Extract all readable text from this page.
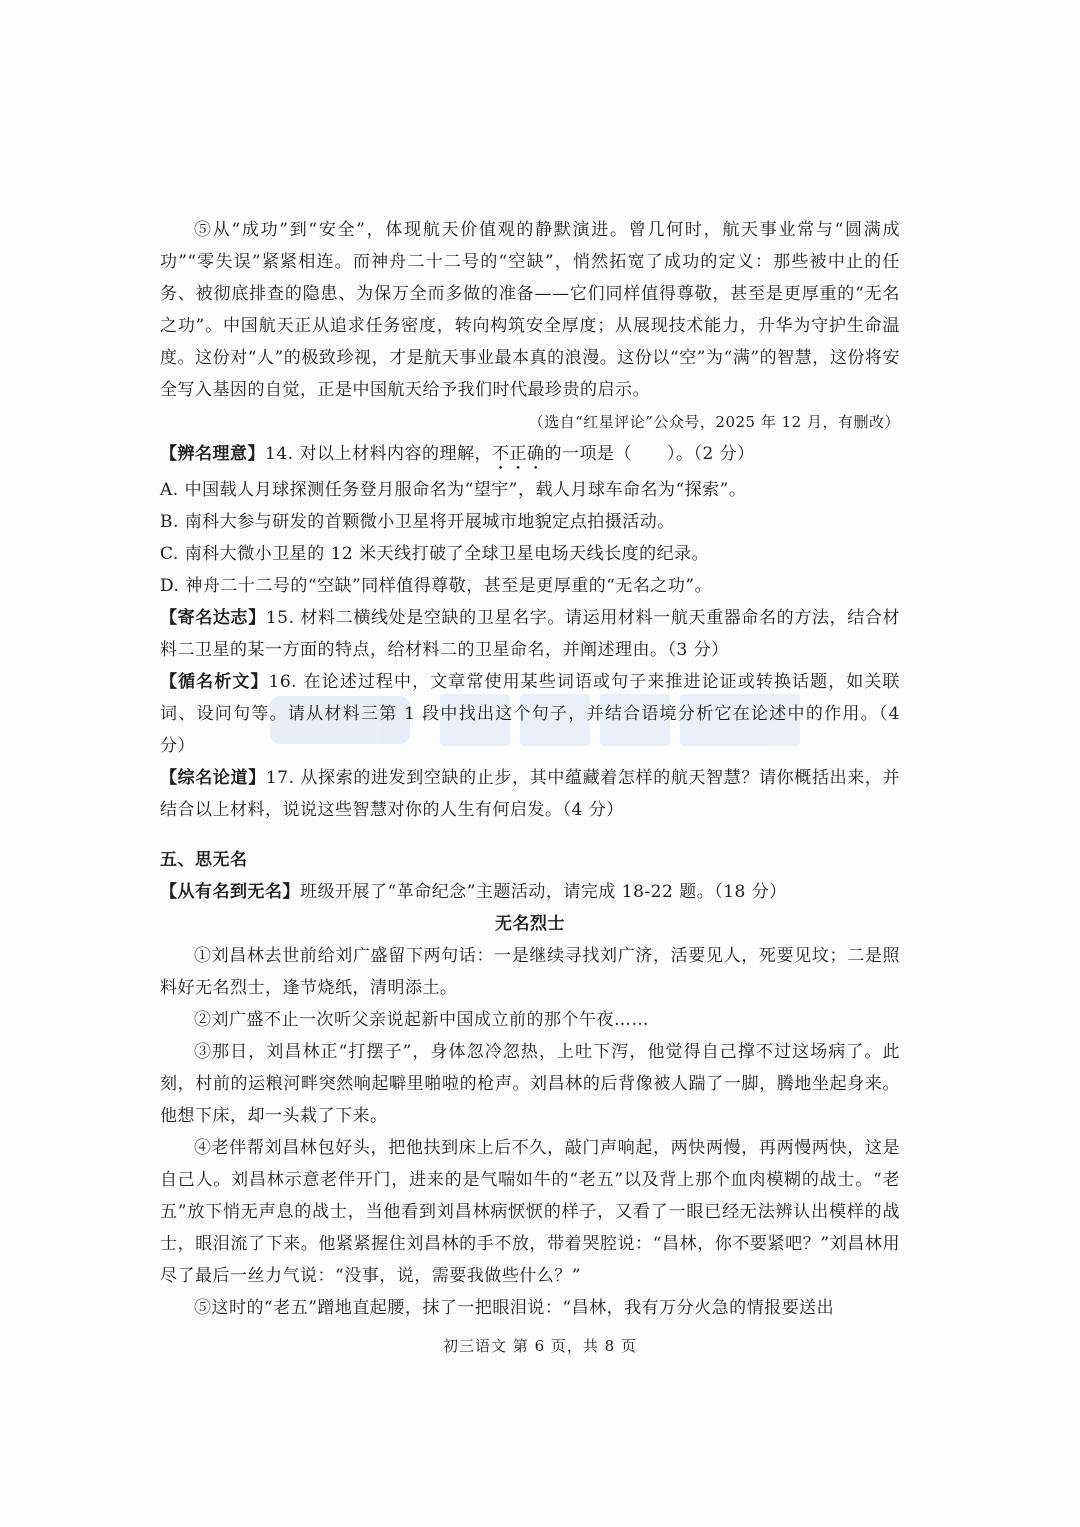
⑤从“成功”到“安全”，体现航天价值观的静默演进。曾几何时，航天事业常与“圆满成功”“零失误”紧紧相连。而神舟二十二号的“空缺”，悄然拓宽了成功的定义：那些被中止的任务、被彻底排查的隐患、为保万全而多做的准备——它们同样值得尊敬，甚至是更厚重的“无名之功”。中国航天正从追求任务密度，转向构筑安全厚度；从展现技术能力，升华为守护生命温度。这份对“人”的极致珍视，才是航天事业最本真的浪漫。这份以“空”为“满”的智慧，这份将安全写入基因的自觉，正是中国航天给予我们时代最珍贵的启示。

（选自“红星评论”公众号，2025 年 12 月，有删改）

【辨名理意】14. 对以上材料内容的理解，不正确的一项是（　　）。（2 分）

A. 中国载人月球探测任务登月服命名为“望宇”，载人月球车命名为“探索”。

B. 南科大参与研发的首颗微小卫星将开展城市地貌定点拍摄活动。

C. 南科大微小卫星的 12 米天线打破了全球卫星电场天线长度的纪录。

D. 神舟二十二号的“空缺”同样值得尊敬，甚至是更厚重的“无名之功”。

【寄名达志】15. 材料二横线处是空缺的卫星名字。请运用材料一航天重器命名的方法，结合材料二卫星的某一方面的特点，给材料二的卫星命名，并阐述理由。（3 分）

【循名析文】16. 在论述过程中，文章常使用某些词语或句子来推进论证或转换话题，如关联词、设问句等。请从材料三第 1 段中找出这个句子，并结合语境分析它在论述中的作用。（4 分）

【综名论道】17. 从探索的进发到空缺的止步，其中蕴藏着怎样的航天智慧？请你概括出来，并结合以上材料，说说这些智慧对你的人生有何启发。（4 分）

五、思无名

【从有名到无名】班级开展了“革命纪念”主题活动，请完成 18-22 题。（18 分）

无名烈士

①刘昌林去世前给刘广盛留下两句话：一是继续寻找刘广济，活要见人，死要见坟；二是照料好无名烈士，逢节烧纸，清明添土。

②刘广盛不止一次听父亲说起新中国成立前的那个午夜……

③那日，刘昌林正“打摆子”，身体忽冷忽热，上吐下泻，他觉得自己撑不过这场病了。此刻，村前的运粮河畔突然响起噼里啪啦的枪声。刘昌林的后背像被人踹了一脚，腾地坐起身来。他想下床，却一头栽了下来。

④老伴帮刘昌林包好头，把他扶到床上后不久，敲门声响起，两快两慢，再两慢两快，这是自己人。刘昌林示意老伴开门，进来的是气喘如牛的“老五”以及背上那个血肉模糊的战士。“老五”放下悄无声息的战士，当他看到刘昌林病恹恹的样子，又看了一眼已经无法辨认出模样的战士，眼泪流了下来。他紧紧握住刘昌林的手不放，带着哭腔说：“昌林，你不要紧吧？”刘昌林用尽了最后一丝力气说：“没事，说，需要我做些什么？”

⑤这时的“老五”蹭地直起腰，抹了一把眼泪说：“昌林，我有万分火急的情报要送出

初三语文 第 6 页，共 8 页
